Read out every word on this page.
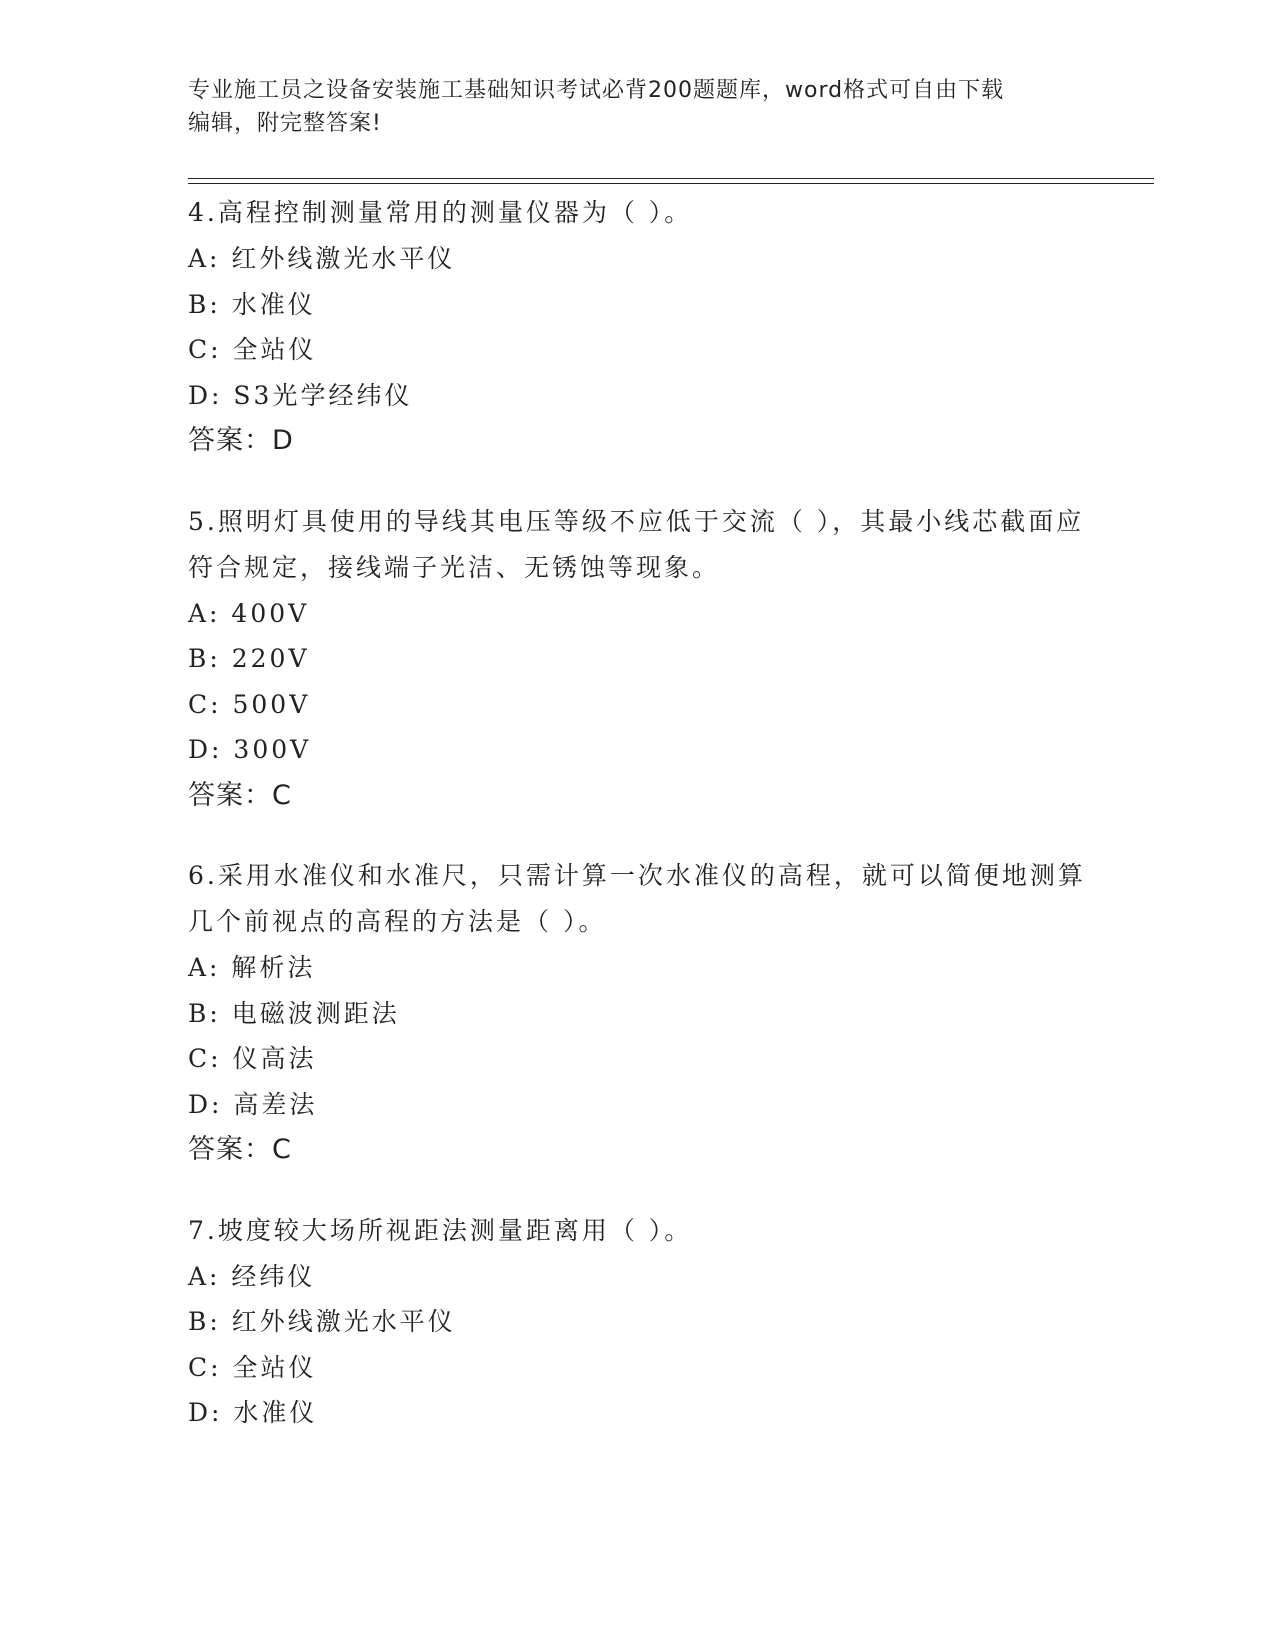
专业施工员之设备安装施工基础知识考试必背200题题库，word格式可自由下载
编辑，附完整答案!
4.高程控制测量常用的测量仪器为（ ）。
A: 红外线激光水平仪
B: 水准仪
C: 全站仪
D: S3光学经纬仪
答案：D
5.照明灯具使用的导线其电压等级不应低于交流（ ），其最小线芯截面应符合规定，接线端子光洁、无锈蚀等现象。
A: 400V
B: 220V
C: 500V
D: 300V
答案：C
6.采用水准仪和水准尺，只需计算一次水准仪的高程，就可以简便地测算几个前视点的高程的方法是（ ）。
A: 解析法
B: 电磁波测距法
C: 仪高法
D: 高差法
答案：C
7.坡度较大场所视距法测量距离用（ ）。
A: 经纬仪
B: 红外线激光水平仪
C: 全站仪
D: 水准仪
